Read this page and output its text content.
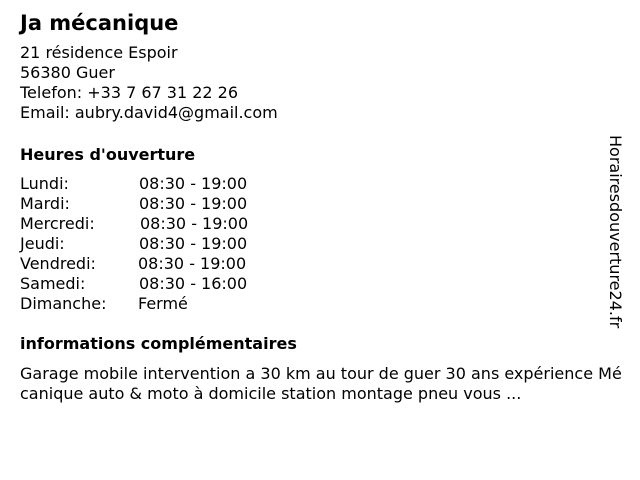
Ja mécanique
21 résidence Espoir
56380 Guer
Telefon: +33 7 67 31 22 26
Email: aubry.david4@gmail.com
Heures d'ouverture
Lundi:	08:30 - 19:00
Mardi:	08:30 - 19:00
Mercredi:	08:30 - 19:00
Jeudi:	08:30 - 19:00
Vendredi:	08:30 - 19:00
Samedi:	08:30 - 16:00
Dimanche: Fermé
informations complémentaires
Garage mobile intervention a 30 km au tour de guer 30 ans expérience Mécanique auto & moto à domicile station montage pneu vous ...
Horairesdouverture24.fr
